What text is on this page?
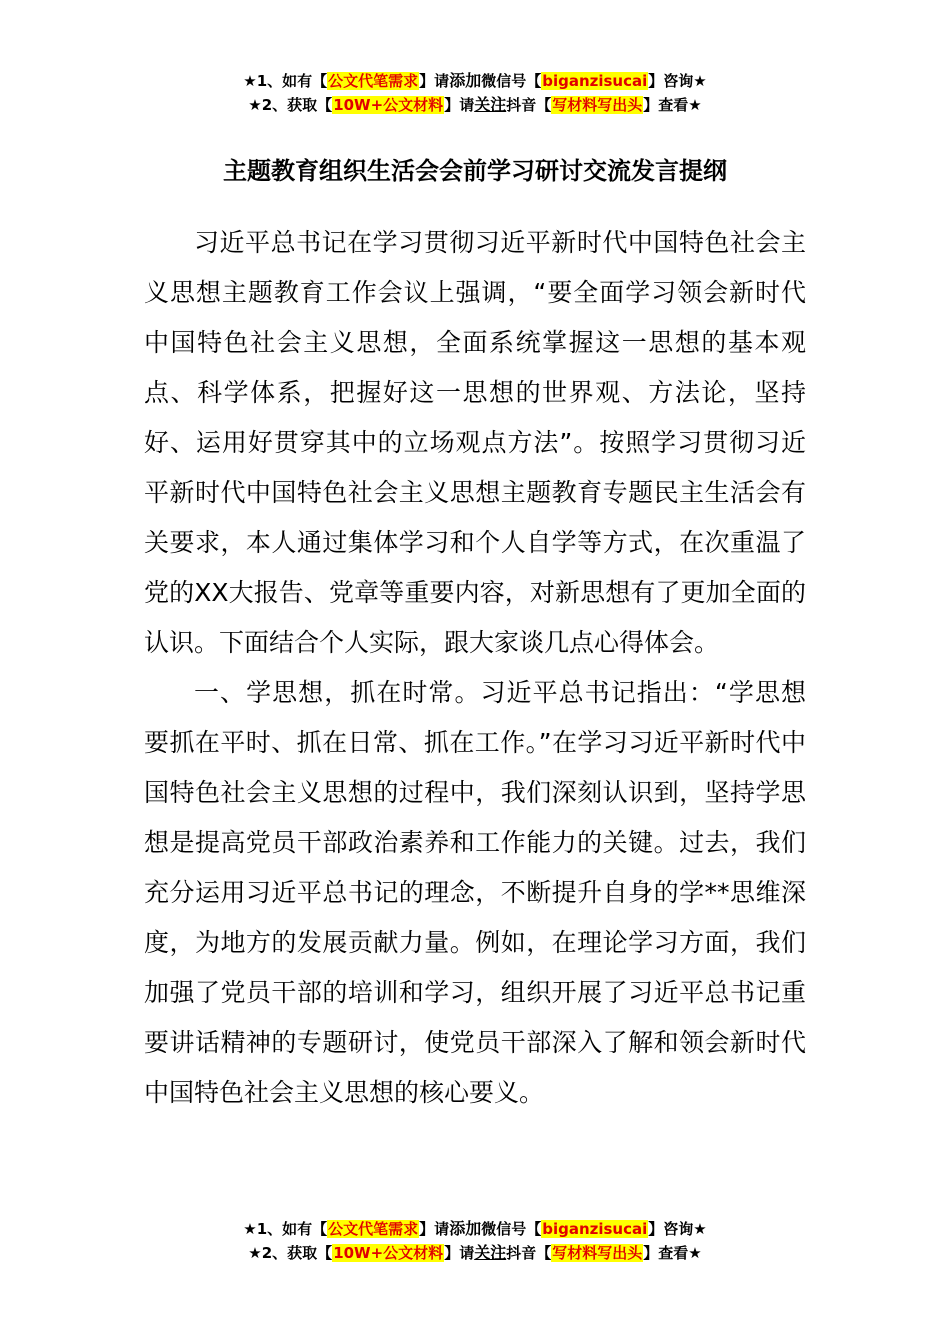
★1、如有【公文代笔需求】请添加微信号【biganzisucai】咨询★
★2、获取【10W+公文材料】请关注抖音【写材料写出头】查看★
主题教育组织生活会会前学习研讨交流发言提纲

习近平总书记在学习贯彻习近平新时代中国特色社会主义思想主题教育工作会议上强调，“要全面学习领会新时代中国特色社会主义思想，全面系统掌握这一思想的基本观点、科学体系，把握好这一思想的世界观、方法论，坚持好、运用好贯穿其中的立场观点方法”。按照学习贯彻习近平新时代中国特色社会主义思想主题教育专题民主生活会有关要求，本人通过集体学习和个人自学等方式，在次重温了党的XX大报告、党章等重要内容，对新思想有了更加全面的认识。下面结合个人实际，跟大家谈几点心得体会。

一、学思想，抓在时常。习近平总书记指出：“学思想要抓在平时、抓在日常、抓在工作。”在学习习近平新时代中国特色社会主义思想的过程中，我们深刻认识到，坚持学思想是提高党员干部政治素养和工作能力的关键。过去，我们充分运用习近平总书记的理念，不断提升自身的学**思维深度，为地方的发展贡献力量。例如，在理论学习方面，我们加强了党员干部的培训和学习，组织开展了习近平总书记重要讲话精神的专题研讨，使党员干部深入了解和领会新时代中国特色社会主义思想的核心要义。

★1、如有【公文代笔需求】请添加微信号【biganzisucai】咨询★
★2、获取【10W+公文材料】请关注抖音【写材料写出头】查看★
